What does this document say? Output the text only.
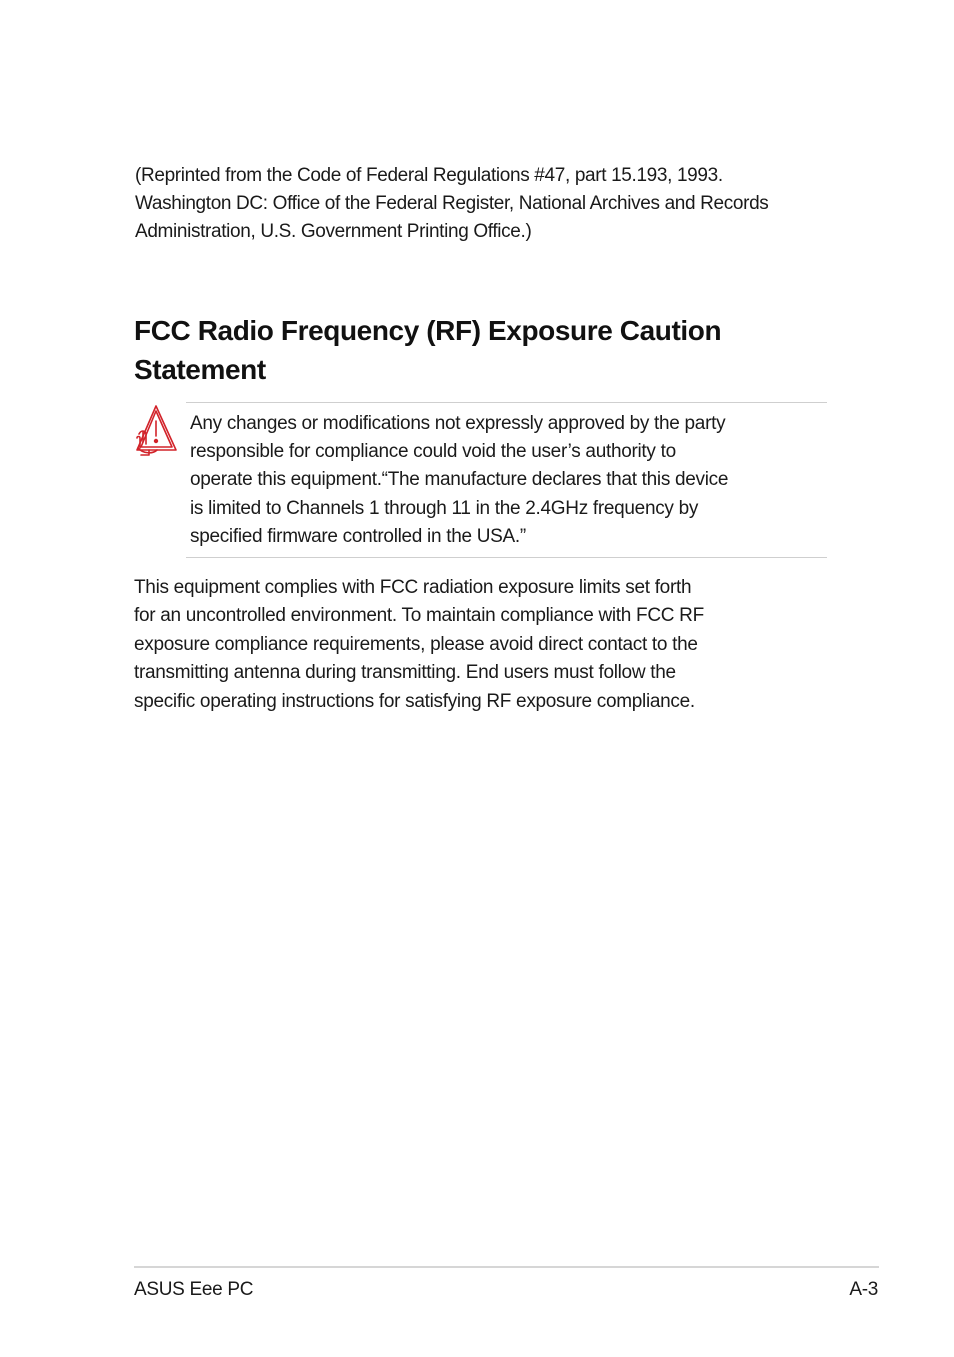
(Reprinted from the Code of Federal Regulations #47, part 15.193, 1993.
Washington DC: Office of the Federal Register, National Archives and Records
Administration, U.S. Government Printing Office.)

FCC Radio Frequency (RF) Exposure Caution
Statement

Any changes or modifications not expressly approved by the party
responsible for compliance could void the user’s authority to
operate this equipment.“The manufacture declares that this device
is limited to Channels 1 through 11 in the 2.4GHz frequency by
specified firmware controlled in the USA.”

This equipment complies with FCC radiation exposure limits set forth
for an uncontrolled environment. To maintain compliance with FCC RF
exposure compliance requirements, please avoid direct contact to the
transmitting antenna during transmitting. End users must follow the
specific operating instructions for satisfying RF exposure compliance.

ASUS Eee PC	A-3
